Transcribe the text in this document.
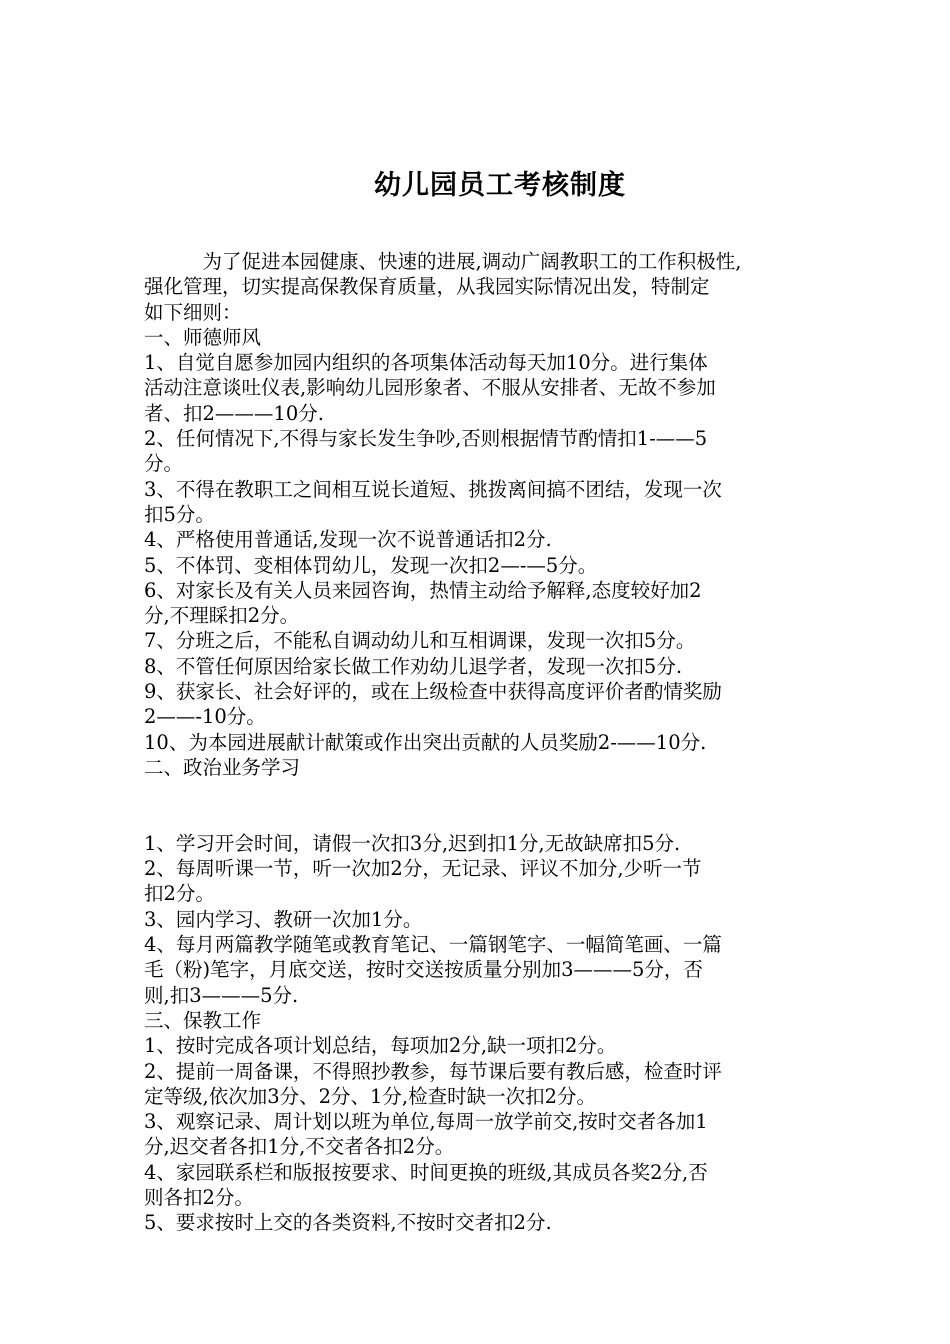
幼儿园员工考核制度
　　　为了促进本园健康、快速的进展,调动广阔教职工的工作积极性,
强化管理，切实提高保教保育质量，从我园实际情况出发，特制定
如下细则：
一、师德师风
1、自觉自愿参加园内组织的各项集体活动每天加10分。进行集体
活动注意谈吐仪表,影响幼儿园形象者、不服从安排者、无故不参加
者、扣2———10分.
2、任何情况下,不得与家长发生争吵,否则根据情节酌情扣1-——5
分。
3、不得在教职工之间相互说长道短、挑拨离间搞不团结，发现一次
扣5分。
4、严格使用普通话,发现一次不说普通话扣2分.
5、不体罚、变相体罚幼儿，发现一次扣2—-—5分。
6、对家长及有关人员来园咨询，热情主动给予解释,态度较好加2
分,不理睬扣2分。
7、分班之后，不能私自调动幼儿和互相调课，发现一次扣5分。
8、不管任何原因给家长做工作劝幼儿退学者，发现一次扣5分.
9、获家长、社会好评的，或在上级检查中获得高度评价者酌情奖励
2——-10分。
10、为本园进展献计献策或作出突出贡献的人员奖励2-——10分.
二、政治业务学习
1、学习开会时间，请假一次扣3分,迟到扣1分,无故缺席扣5分.
2、每周听课一节，听一次加2分，无记录、评议不加分,少听一节
扣2分。
3、园内学习、教研一次加1分。
4、每月两篇教学随笔或教育笔记、一篇钢笔字、一幅简笔画、一篇
毛（粉)笔字，月底交送，按时交送按质量分别加3———5分，否
则,扣3———5分.
三、保教工作
1、按时完成各项计划总结，每项加2分,缺一项扣2分。
2、提前一周备课，不得照抄教参，每节课后要有教后感，检查时评
定等级,依次加3分、2分、1分,检查时缺一次扣2分。
3、观察记录、周计划以班为单位,每周一放学前交,按时交者各加1
分,迟交者各扣1分,不交者各扣2分。
4、家园联系栏和版报按要求、时间更换的班级,其成员各奖2分,否
则各扣2分。
5、要求按时上交的各类资料,不按时交者扣2分.
